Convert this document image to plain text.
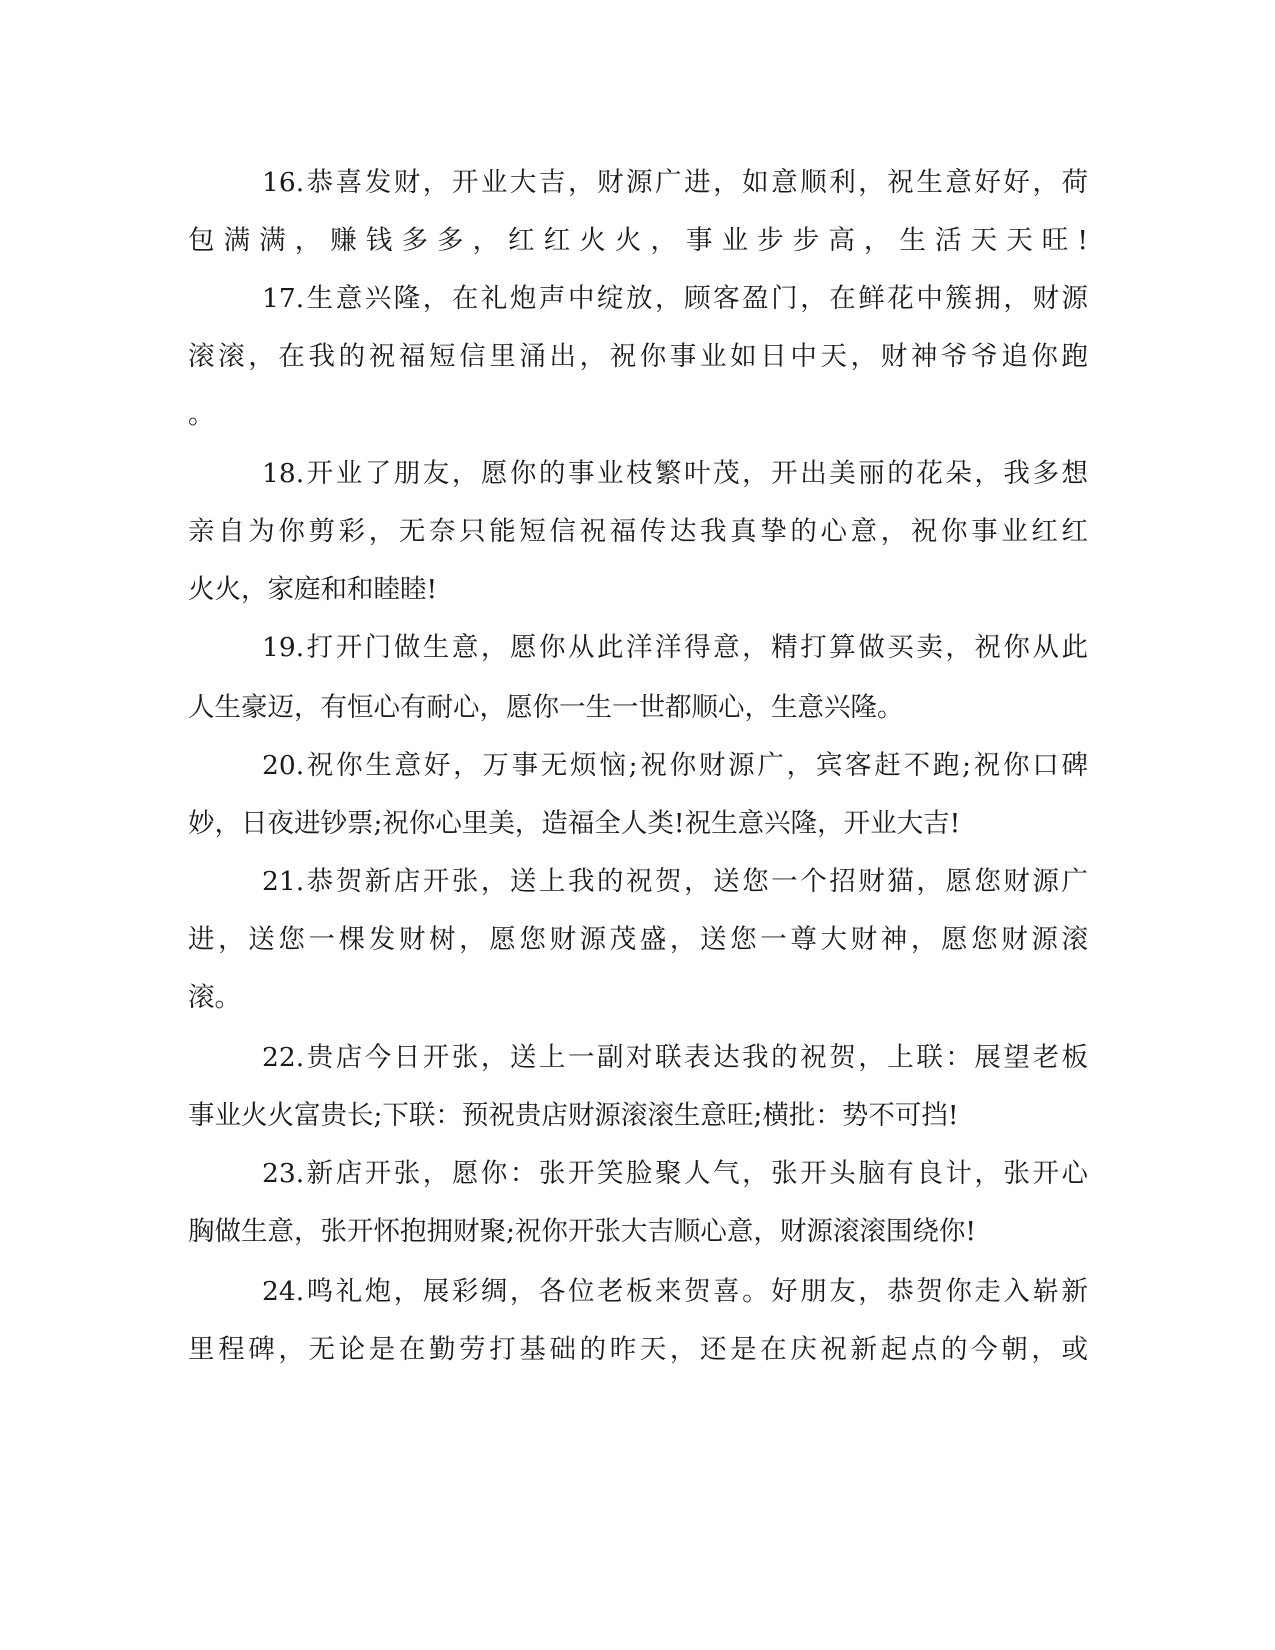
16.恭喜发财，开业大吉，财源广进，如意顺利，祝生意好好，荷
包满满，赚钱多多，红红火火，事业步步高，生活天天旺!
17.生意兴隆，在礼炮声中绽放，顾客盈门，在鲜花中簇拥，财源
滚滚，在我的祝福短信里涌出，祝你事业如日中天，财神爷爷追你跑
。
18.开业了朋友，愿你的事业枝繁叶茂，开出美丽的花朵，我多想
亲自为你剪彩，无奈只能短信祝福传达我真挚的心意，祝你事业红红
火火，家庭和和睦睦!
19.打开门做生意，愿你从此洋洋得意，精打算做买卖，祝你从此
人生豪迈，有恒心有耐心，愿你一生一世都顺心，生意兴隆。
20.祝你生意好，万事无烦恼;祝你财源广，宾客赶不跑;祝你口碑
妙，日夜进钞票;祝你心里美，造福全人类!祝生意兴隆，开业大吉!
21.恭贺新店开张，送上我的祝贺，送您一个招财猫，愿您财源广
进，送您一棵发财树，愿您财源茂盛，送您一尊大财神，愿您财源滚
滚。
22.贵店今日开张，送上一副对联表达我的祝贺，上联：展望老板
事业火火富贵长;下联：预祝贵店财源滚滚生意旺;横批：势不可挡!
23.新店开张，愿你：张开笑脸聚人气，张开头脑有良计，张开心
胸做生意，张开怀抱拥财聚;祝你开张大吉顺心意，财源滚滚围绕你!
24.鸣礼炮，展彩绸，各位老板来贺喜。好朋友，恭贺你走入崭新
里程碑，无论是在勤劳打基础的昨天，还是在庆祝新起点的今朝，或
